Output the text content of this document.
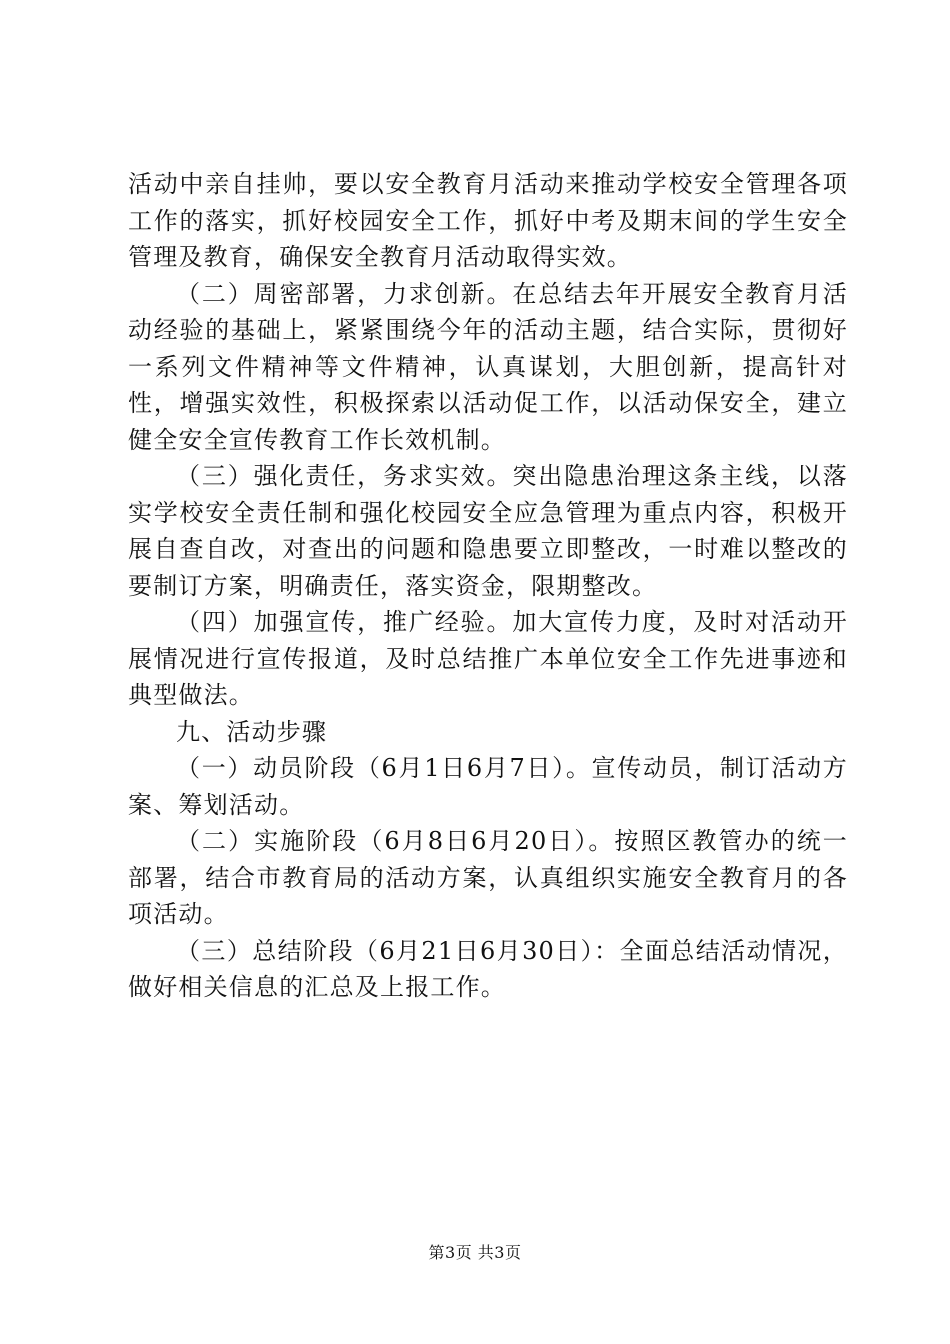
活动中亲自挂帅，要以安全教育月活动来推动学校安全管理各项工作的落实，抓好校园安全工作，抓好中考及期末间的学生安全管理及教育，确保安全教育月活动取得实效。

（二）周密部署，力求创新。在总结去年开展安全教育月活动经验的基础上，紧紧围绕今年的活动主题，结合实际，贯彻好一系列文件精神等文件精神，认真谋划，大胆创新，提高针对性，增强实效性，积极探索以活动促工作，以活动保安全，建立健全安全宣传教育工作长效机制。

（三）强化责任，务求实效。突出隐患治理这条主线，以落实学校安全责任制和强化校园安全应急管理为重点内容，积极开展自查自改，对查出的问题和隐患要立即整改，一时难以整改的要制订方案，明确责任，落实资金，限期整改。

（四）加强宣传，推广经验。加大宣传力度，及时对活动开展情况进行宣传报道，及时总结推广本单位安全工作先进事迹和典型做法。

九、活动步骤

（一）动员阶段（6月1日6月7日）。宣传动员，制订活动方案、筹划活动。

（二）实施阶段（6月8日6月20日）。按照区教管办的统一部署，结合市教育局的活动方案，认真组织实施安全教育月的各项活动。

（三）总结阶段（6月21日6月30日）：全面总结活动情况，做好相关信息的汇总及上报工作。

第3页 共3页
